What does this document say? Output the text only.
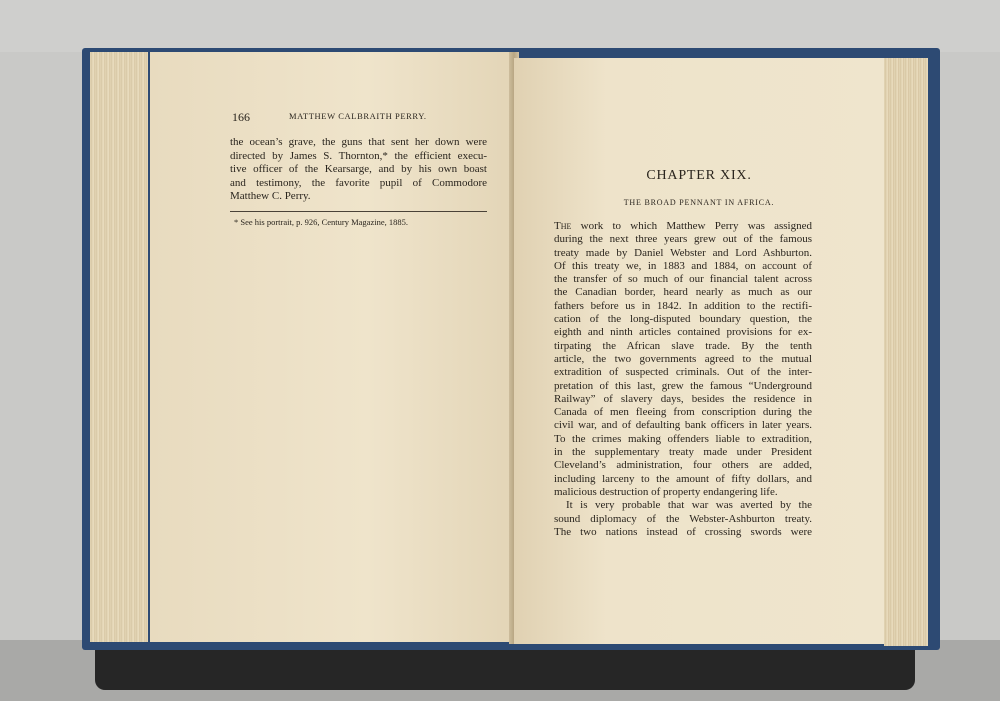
166	MATTHEW CALBRAITH PERRY.
the ocean’s grave, the guns that sent her down were
directed by James S. Thornton,* the efficient execu-
tive officer of the Kearsarge, and by his own boast
and testimony, the favorite pupil of Commodore
Matthew C. Perry.
* See his portrait, p. 926, Century Magazine, 1885.
CHAPTER XIX.
THE BROAD PENNANT IN AFRICA.
The work to which Matthew Perry was assigned
during the next three years grew out of the famous
treaty made by Daniel Webster and Lord Ashburton.
Of this treaty we, in 1883 and 1884, on account of
the transfer of so much of our financial talent across
the Canadian border, heard nearly as much as our
fathers before us in 1842. In addition to the rectifi-
cation of the long-disputed boundary question, the
eighth and ninth articles contained provisions for ex-
tirpating the African slave trade. By the tenth
article, the two governments agreed to the mutual
extradition of suspected criminals. Out of the inter-
pretation of this last, grew the famous “Underground
Railway” of slavery days, besides the residence in
Canada of men fleeing from conscription during the
civil war, and of defaulting bank officers in later years.
To the crimes making offenders liable to extradition,
in the supplementary treaty made under President
Cleveland’s administration, four others are added,
including larceny to the amount of fifty dollars, and
malicious destruction of property endangering life.
It is very probable that war was averted by the
sound diplomacy of the Webster-Ashburton treaty.
The two nations instead of crossing swords were
